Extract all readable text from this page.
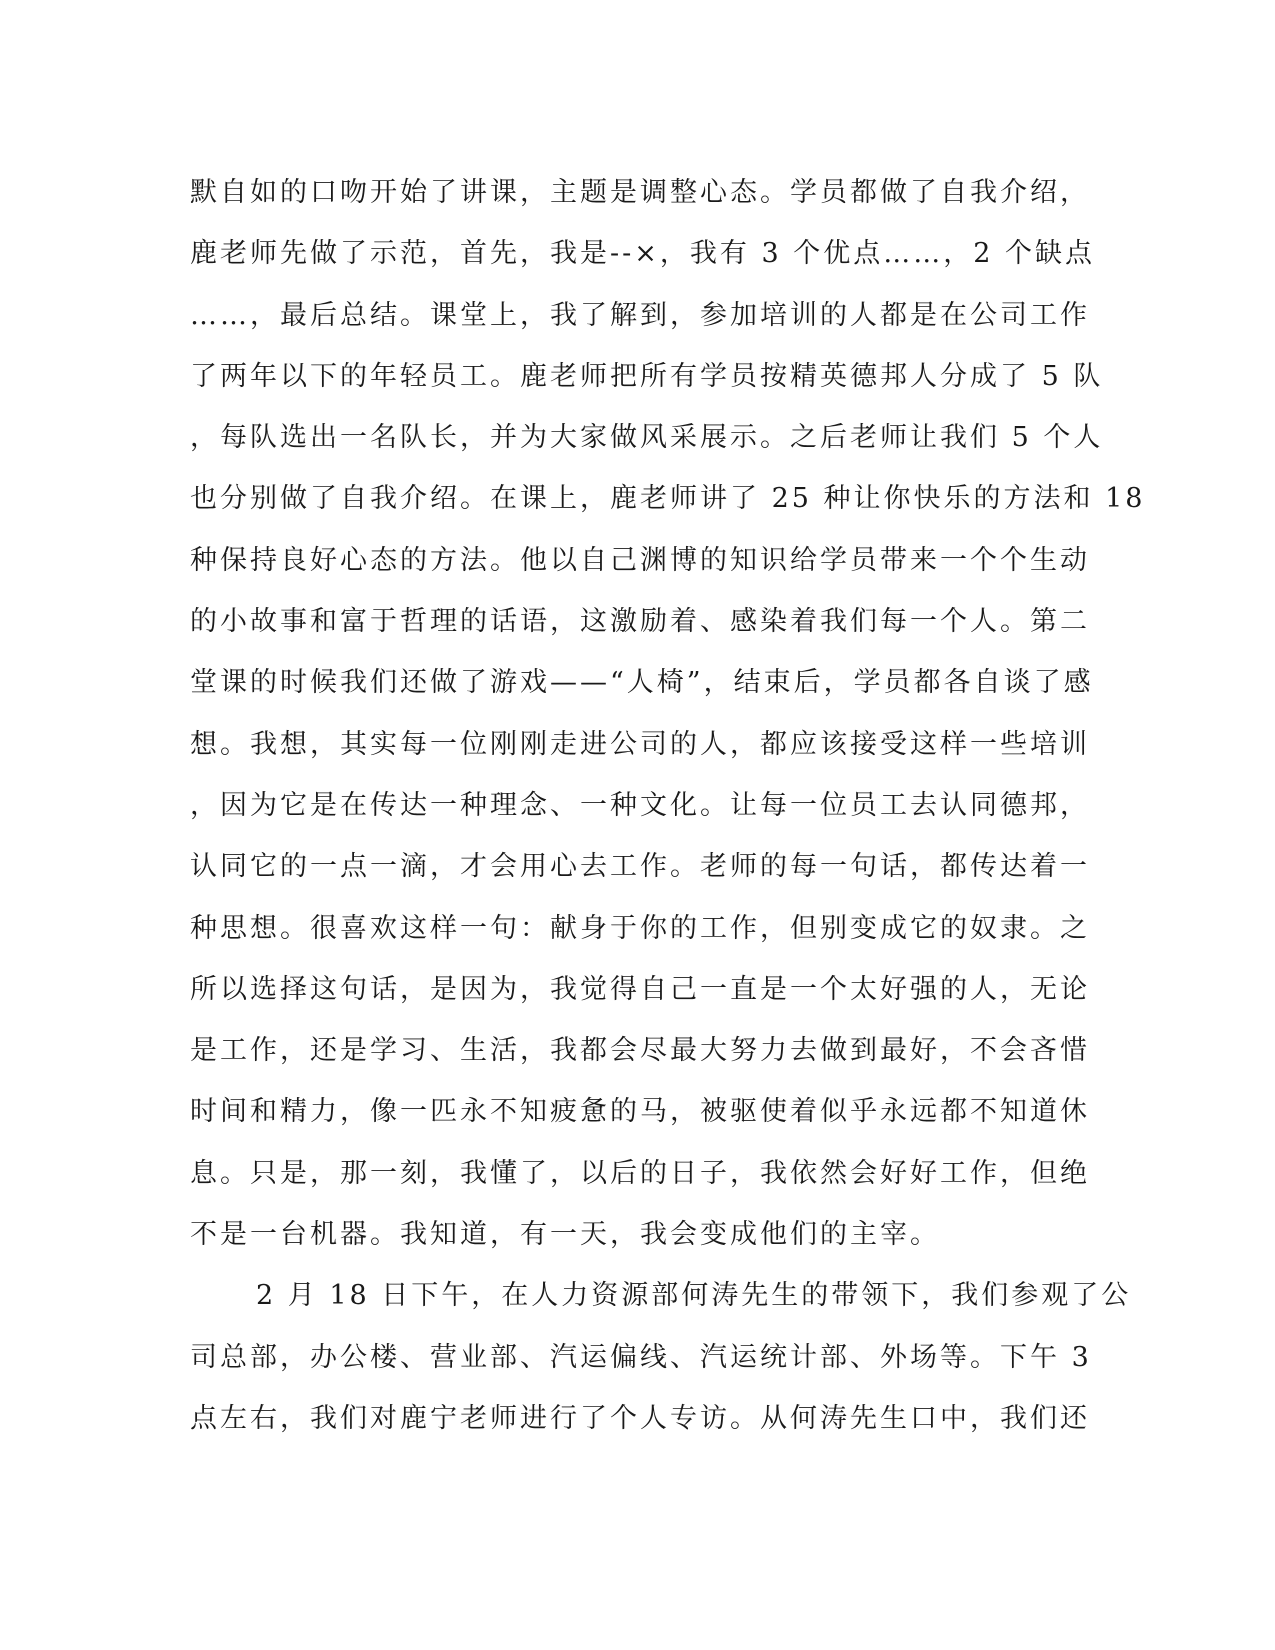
默自如的口吻开始了讲课，主题是调整心态。学员都做了自我介绍，
鹿老师先做了示范，首先，我是--×，我有 3 个优点……，2 个缺点
……，最后总结。课堂上，我了解到，参加培训的人都是在公司工作
了两年以下的年轻员工。鹿老师把所有学员按精英德邦人分成了 5 队
，每队选出一名队长，并为大家做风采展示。之后老师让我们 5 个人
也分别做了自我介绍。在课上，鹿老师讲了 25 种让你快乐的方法和 18
种保持良好心态的方法。他以自己渊博的知识给学员带来一个个生动
的小故事和富于哲理的话语，这激励着、感染着我们每一个人。第二
堂课的时候我们还做了游戏——“人椅”，结束后，学员都各自谈了感
想。我想，其实每一位刚刚走进公司的人，都应该接受这样一些培训
，因为它是在传达一种理念、一种文化。让每一位员工去认同德邦，
认同它的一点一滴，才会用心去工作。老师的每一句话，都传达着一
种思想。很喜欢这样一句：献身于你的工作，但别变成它的奴隶。之
所以选择这句话，是因为，我觉得自己一直是一个太好强的人，无论
是工作，还是学习、生活，我都会尽最大努力去做到最好，不会吝惜
时间和精力，像一匹永不知疲惫的马，被驱使着似乎永远都不知道休
息。只是，那一刻，我懂了，以后的日子，我依然会好好工作，但绝
不是一台机器。我知道，有一天，我会变成他们的主宰。
2 月 18 日下午，在人力资源部何涛先生的带领下，我们参观了公
司总部，办公楼、营业部、汽运偏线、汽运统计部、外场等。下午 3
点左右，我们对鹿宁老师进行了个人专访。从何涛先生口中，我们还
